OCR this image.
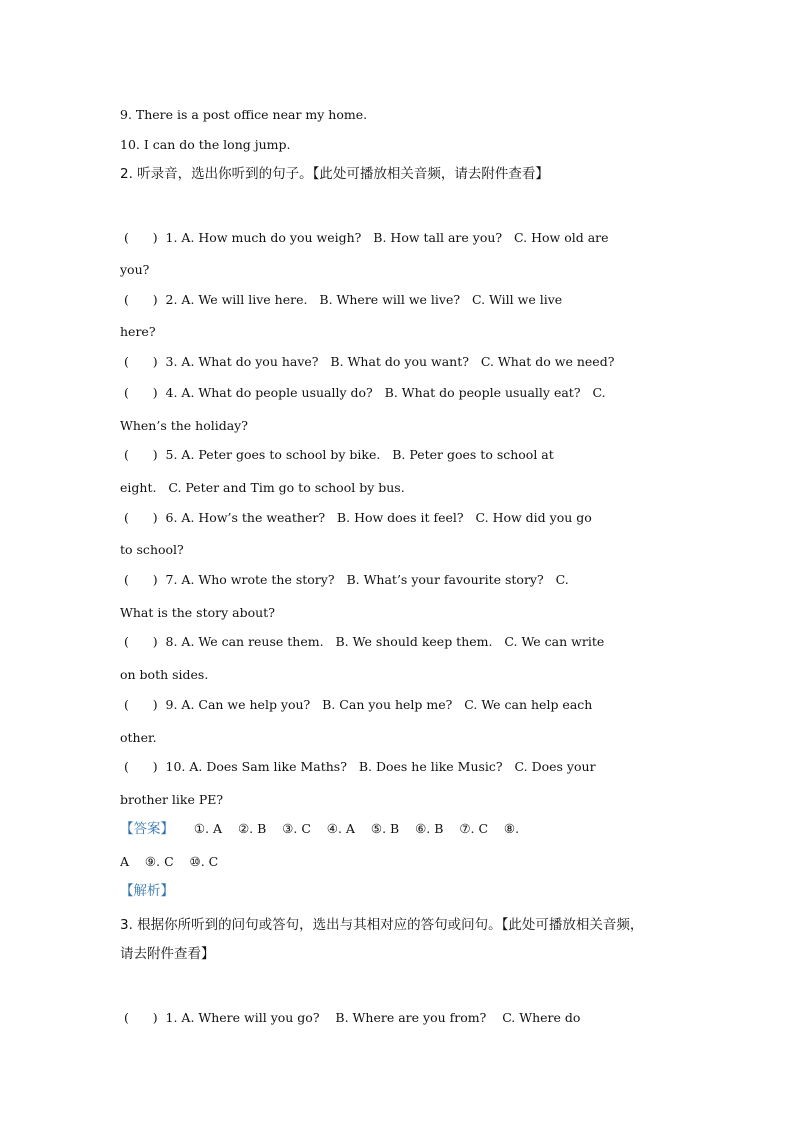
9. There is a post office near my home.
10. I can do the long jump.
2. 听录音，选出你听到的句子。【此处可播放相关音频，请去附件查看】
(      )  1. A. How much do you weigh?   B. How tall are you?   C. How old are
you?
(      )  2. A. We will live here.   B. Where will we live?   C. Will we live
here?
(      )  3. A. What do you have?   B. What do you want?   C. What do we need?
(      )  4. A. What do people usually do?   B. What do people usually eat?   C.
When’s the holiday?
(      )  5. A. Peter goes to school by bike.   B. Peter goes to school at
eight.   C. Peter and Tim go to school by bus.
(      )  6. A. How’s the weather?   B. How does it feel?   C. How did you go
to school?
(      )  7. A. Who wrote the story?   B. What’s your favourite story?   C.
What is the story about?
(      )  8. A. We can reuse them.   B. We should keep them.   C. We can write
on both sides.
(      )  9. A. Can we help you?   B. Can you help me?   C. We can help each
other.
(      )  10. A. Does Sam like Maths?   B. Does he like Music?   C. Does your
brother like PE?
【答案】     ①. A    ②. B    ③. C    ④. A    ⑤. B    ⑥. B    ⑦. C    ⑧.
A    ⑨. C    ⑩. C
【解析】
3. 根据你所听到的问句或答句，选出与其相对应的答句或问句。【此处可播放相关音频，
请去附件查看】
(      )  1. A. Where will you go?    B. Where are you from?    C. Where do
